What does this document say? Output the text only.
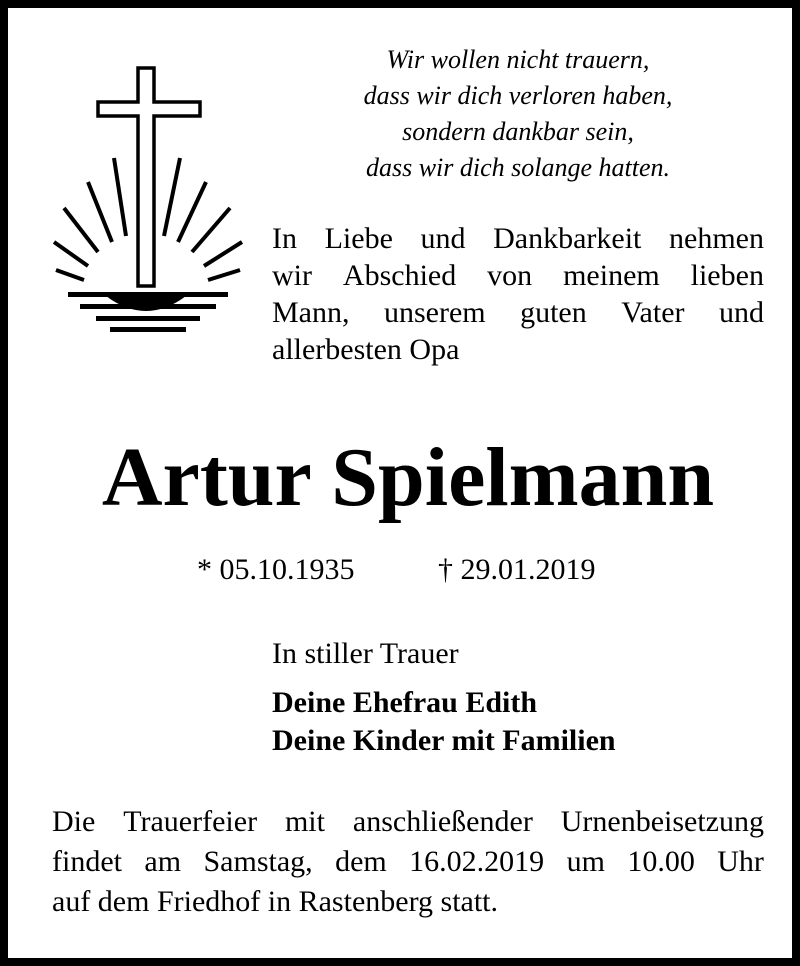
Wir wollen nicht trauern,
dass wir dich verloren haben,
sondern dankbar sein,
dass wir dich solange hatten.
In Liebe und Dankbarkeit nehmen
wir Abschied von meinem lieben
Mann, unserem guten Vater und
allerbesten Opa
Artur Spielmann
* 05.10.1935	† 29.01.2019
In stiller Trauer
Deine Ehefrau Edith
Deine Kinder mit Familien
Die Trauerfeier mit anschließender Urnenbeisetzung
findet am Samstag, dem 16.02.2019 um 10.00 Uhr
auf dem Friedhof in Rastenberg statt.
